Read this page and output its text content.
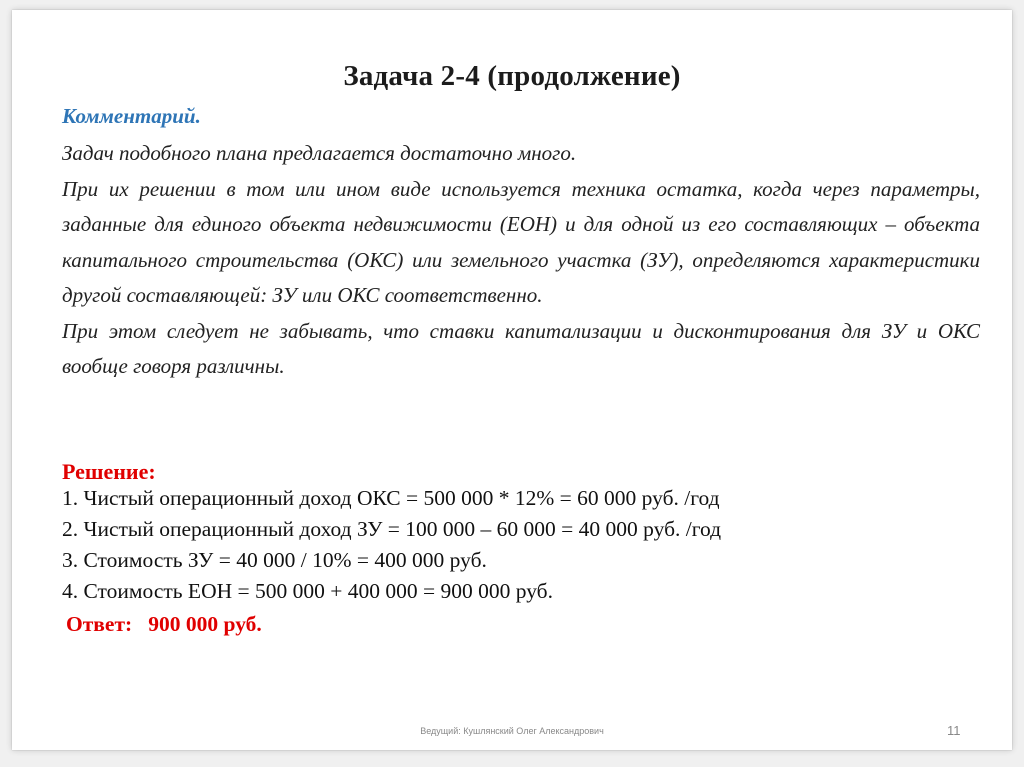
Задача 2-4 (продолжение)
Комментарий.

Задач подобного плана предлагается достаточно много.

При их решении в том или ином виде используется техника остатка, когда через параметры, заданные для единого объекта недвижимости (ЕОН) и для одной из его составляющих – объекта капитального строительства (ОКС) или земельного участка (ЗУ), определяются характеристики другой составляющей: ЗУ или ОКС соответственно.

При этом следует не забывать, что ставки капитализации и дисконтирования для ЗУ и ОКС вообще говоря различны.

Решение:
1. Чистый операционный доход ОКС = 500 000 * 12% = 60 000 руб. /год
2. Чистый операционный доход ЗУ = 100 000 – 60 000 = 40 000 руб. /год
3. Стоимость ЗУ = 40 000 / 10% = 400 000 руб.
4. Стоимость ЕОН = 500 000 + 400 000 = 900 000 руб.
Ответ:   900 000 руб.
Ведущий: Кушлянский Олег Александрович	11
